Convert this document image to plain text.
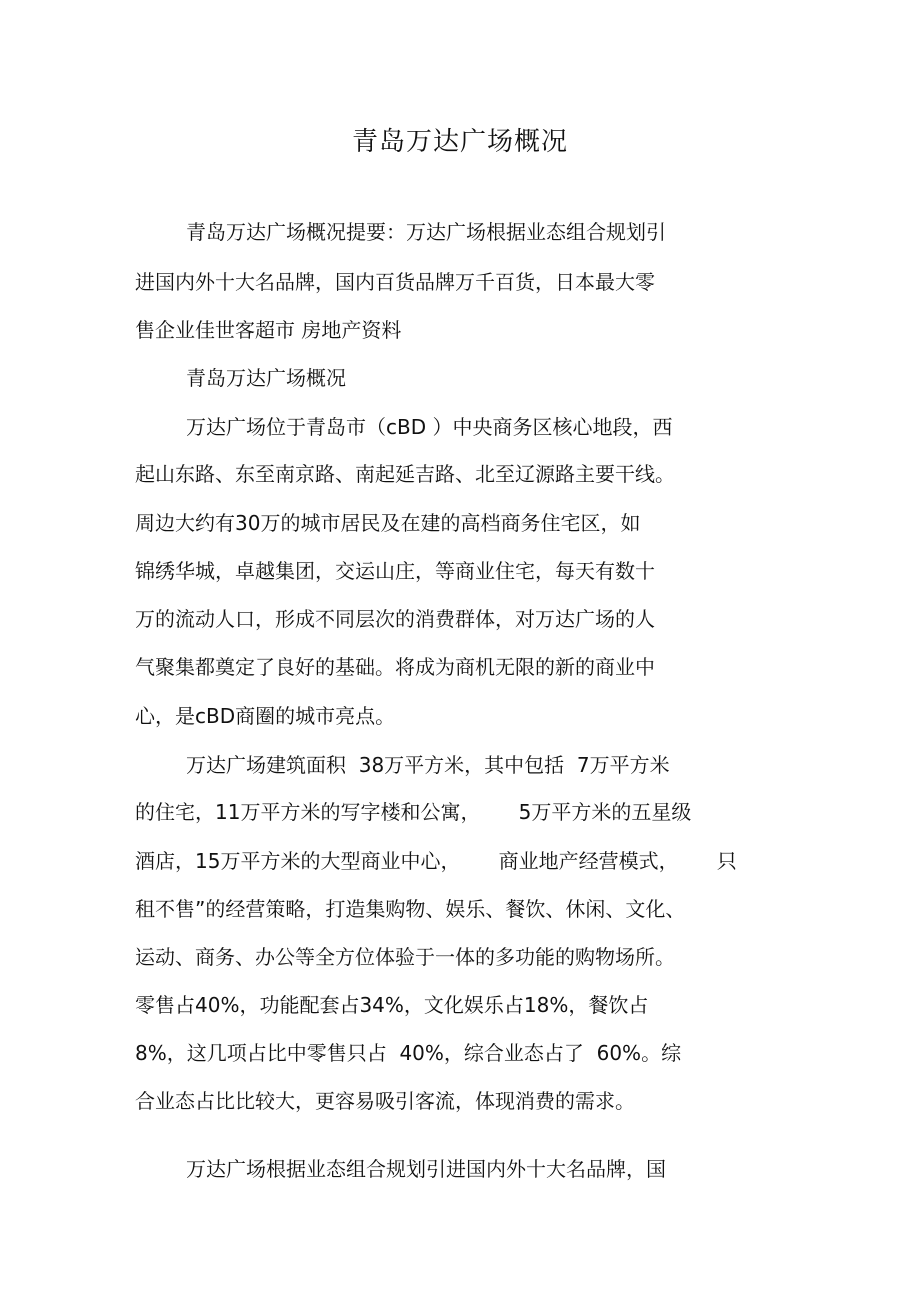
青岛万达广场概况
青岛万达广场概况提要：万达广场根据业态组合规划引
进国内外十大名品牌，国内百货品牌万千百货，日本最大零
售企业佳世客超市 房地产资料
青岛万达广场概况
万达广场位于青岛市（cBD ）中央商务区核心地段，西
起山东路、东至南京路、南起延吉路、北至辽源路主要干线。
周边大约有30万的城市居民及在建的高档商务住宅区，如
锦绣华城，卓越集团，交运山庄，等商业住宅，每天有数十
万的流动人口，形成不同层次的消费群体，对万达广场的人
气聚集都奠定了良好的基础。将成为商机无限的新的商业中
心，是cBD商圈的城市亮点。
万达广场建筑面积  38万平方米，其中包括  7万平方米
的住宅，11万平方米的写字楼和公寓，      5万平方米的五星级
酒店，15万平方米的大型商业中心，      商业地产经营模式，      只
租不售”的经营策略，打造集购物、娱乐、餐饮、休闲、文化、
运动、商务、办公等全方位体验于一体的多功能的购物场所。
零售占40%，功能配套占34%，文化娱乐占18%，餐饮占
8%，这几项占比中零售只占  40%，综合业态占了  60%。综
合业态占比比较大，更容易吸引客流，体现消费的需求。
万达广场根据业态组合规划引进国内外十大名品牌，国
